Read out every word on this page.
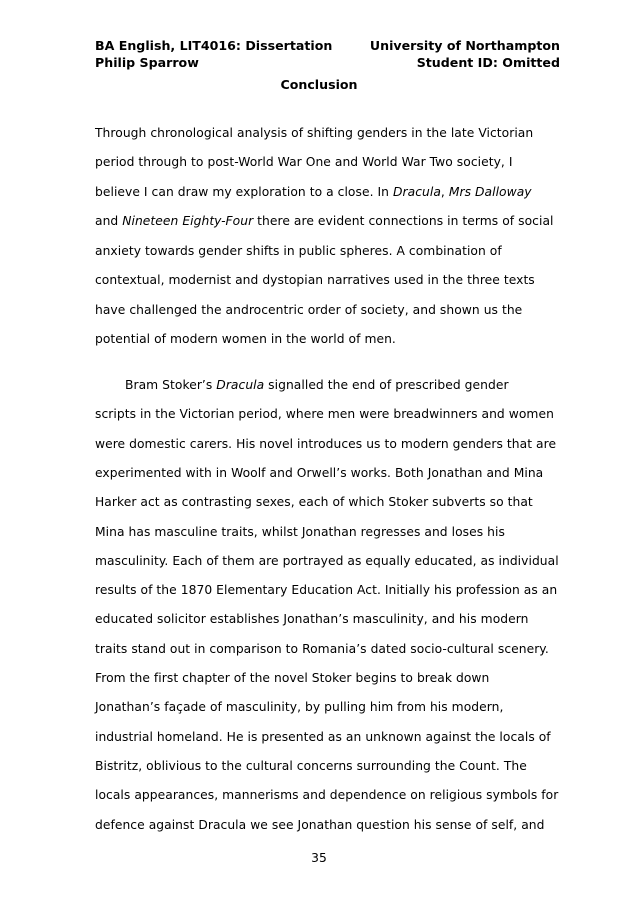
BA English, LIT4016: Dissertation
Philip Sparrow
University of Northampton
Student ID: Omitted
Conclusion
Through chronological analysis of shifting genders in the late Victorian
period through to post-World War One and World War Two society, I
believe I can draw my exploration to a close. In Dracula, Mrs Dalloway
and Nineteen Eighty-Four there are evident connections in terms of social
anxiety towards gender shifts in public spheres. A combination of
contextual, modernist and dystopian narratives used in the three texts
have challenged the androcentric order of society, and shown us the
potential of modern women in the world of men.
Bram Stoker’s Dracula signalled the end of prescribed gender
scripts in the Victorian period, where men were breadwinners and women
were domestic carers. His novel introduces us to modern genders that are
experimented with in Woolf and Orwell’s works. Both Jonathan and Mina
Harker act as contrasting sexes, each of which Stoker subverts so that
Mina has masculine traits, whilst Jonathan regresses and loses his
masculinity. Each of them are portrayed as equally educated, as individual
results of the 1870 Elementary Education Act. Initially his profession as an
educated solicitor establishes Jonathan’s masculinity, and his modern
traits stand out in comparison to Romania’s dated socio-cultural scenery.
From the first chapter of the novel Stoker begins to break down
Jonathan’s façade of masculinity, by pulling him from his modern,
industrial homeland. He is presented as an unknown against the locals of
Bistritz, oblivious to the cultural concerns surrounding the Count. The
locals appearances, mannerisms and dependence on religious symbols for
defence against Dracula we see Jonathan question his sense of self, and
35
